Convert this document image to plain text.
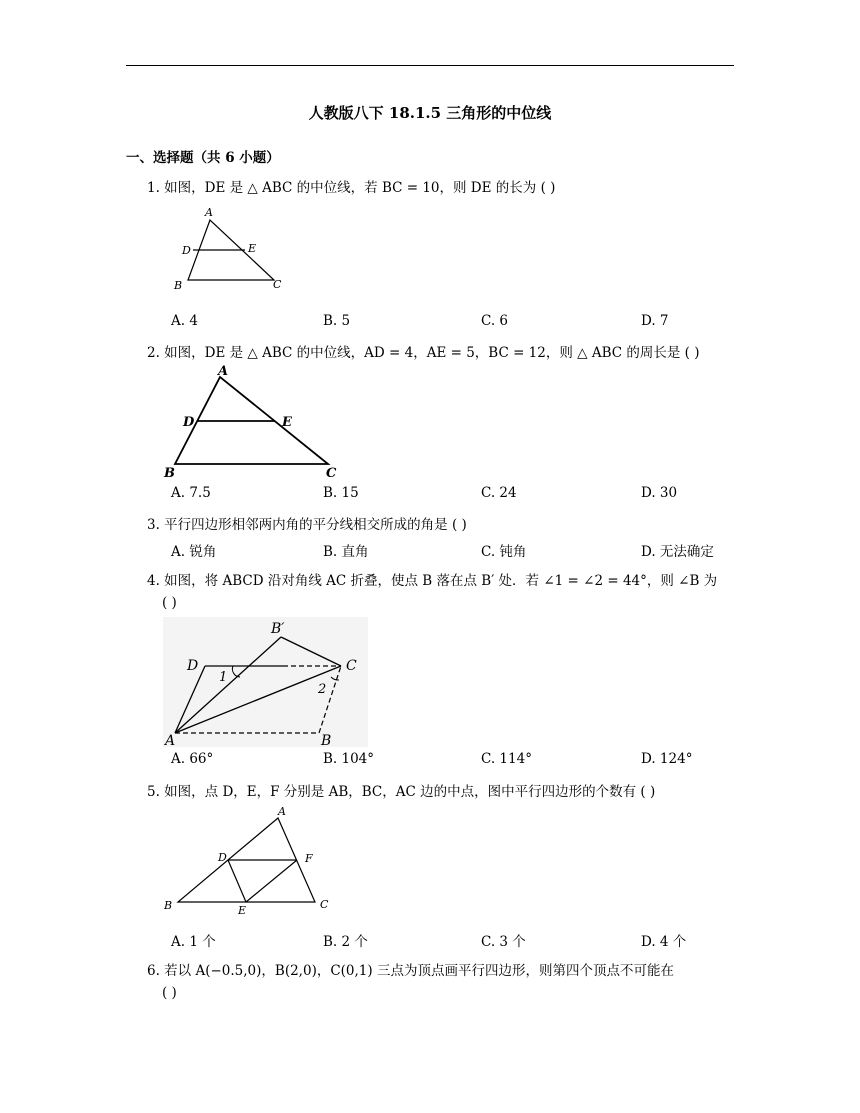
人教版八下 18.1.5 三角形的中位线
一、选择题（共 6 小题）
1. 如图，DE 是 △ ABC 的中位线，若 BC = 10，则 DE 的长为 ( )
A
D	E
B	C
A. 4	B. 5	C. 6	D. 7
2. 如图，DE 是 △ ABC 的中位线，AD = 4，AE = 5，BC = 12，则 △ ABC 的周长是 ( )
A
D	E
B	C
A. 7.5	B. 15	C. 24	D. 30
3. 平行四边形相邻两内角的平分线相交所成的角是 ( )
A. 锐角	B. 直角	C. 钝角	D. 无法确定
4. 如图，将 ABCD 沿对角线 AC 折叠，使点 B 落在点 B′ 处．若 ∠1 = ∠2 = 44°，则 ∠B 为
( )
B′
D	C
1
2
A	B
A. 66°	B. 104°	C. 114°	D. 124°
5. 如图，点 D，E，F 分别是 AB，BC，AC 边的中点，图中平行四边形的个数有 ( )
A
D	F
B	E	C
A. 1 个	B. 2 个	C. 3 个	D. 4 个
6. 若以 A(−0.5,0)，B(2,0)，C(0,1) 三点为顶点画平行四边形，则第四个顶点不可能在
( )
